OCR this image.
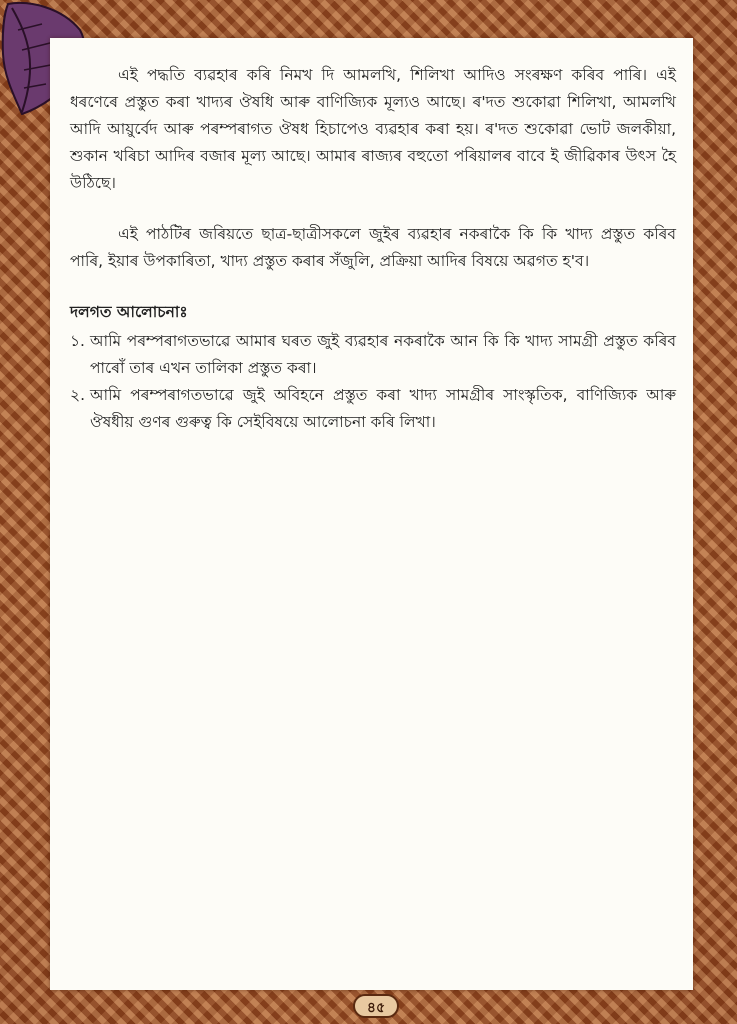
এই পদ্ধতি ব্যৱহাৰ কৰি নিমখ দি আমলখি, শিলিখা আদিও সংৰক্ষণ কৰিব পাৰি। এই ধৰণেৰে প্ৰস্তুত কৰা খাদ্যৰ ঔষধি আৰু বাণিজ্যিক মূল্যও আছে। ৰ'দত শুকোৱা শিলিখা, আমলখি আদি আয়ুৰ্বেদ আৰু পৰম্পৰাগত ঔষধ হিচাপেও ব্যৱহাৰ কৰা হয়। ৰ'দত শুকোৱা ভোট জলকীয়া, শুকান খৰিচা আদিৰ বজাৰ মূল্য আছে। আমাৰ ৰাজ্যৰ বহুতো পৰিয়ালৰ বাবে ই জীৱিকাৰ উৎস হৈ উঠিছে।

এই পাঠটিৰ জৰিয়তে ছাত্ৰ-ছাত্ৰীসকলে জুইৰ ব্যৱহাৰ নকৰাকৈ কি কি খাদ্য প্ৰস্তুত কৰিব পাৰি, ইয়াৰ উপকাৰিতা, খাদ্য প্ৰস্তুত কৰাৰ সঁজুলি, প্ৰক্ৰিয়া আদিৰ বিষয়ে অৱগত হ'ব।

দলগত আলোচনাঃ
১. আমি পৰম্পৰাগতভাৱে আমাৰ ঘৰত জুই ব্যৱহাৰ নকৰাকৈ আন কি কি খাদ্য সামগ্ৰী প্ৰস্তুত কৰিব পাৰোঁ তাৰ এখন তালিকা প্ৰস্তুত কৰা।
২. আমি পৰম্পৰাগতভাৱে জুই অবিহনে প্ৰস্তুত কৰা খাদ্য সামগ্ৰীৰ সাংস্কৃতিক, বাণিজ্যিক আৰু ঔষধীয় গুণৰ গুৰুত্ব কি সেইবিষয়ে আলোচনা কৰি লিখা।
৪৫
